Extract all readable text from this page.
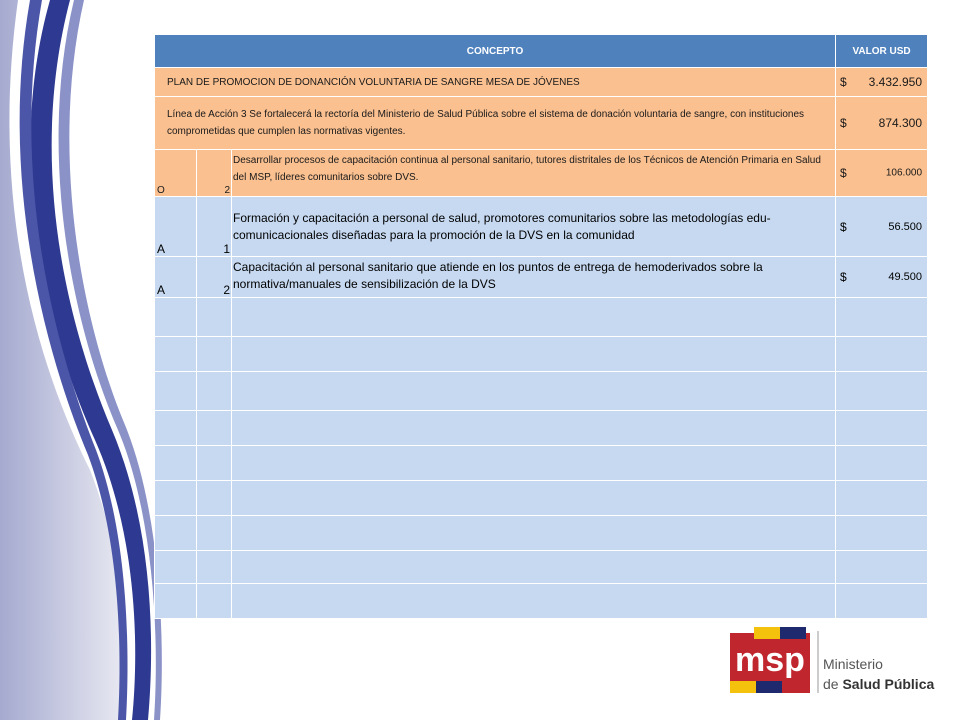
CONCEPTO			VALOR USD
PLAN DE PROMOCION DE DONANCIÓN VOLUNTARIA DE SANGRE MESA DE JÓVENES			$ 3.432.950

Línea de Acción 3 Se fortalecerá la rectoría del Ministerio de Salud Pública sobre el sistema de donación voluntaria de sangre, con instituciones comprometidas que cumplen las normativas vigentes.			$ 874.300

O	2	Desarrollar procesos de capacitación continua al personal sanitario, tutores distritales de los Técnicos de Atención Primaria en Salud del MSP, líderes comunitarios sobre DVS.	$ 106.000

A	1	Formación y capacitación a personal de salud, promotores comunitarios sobre las metodologías edu-comunicacionales diseñadas para la promoción de la DVS en la comunidad	$ 56.500

A	2	Capacitación al personal sanitario que atiende en los puntos de entrega de hemoderivados sobre la normativa/manuales de sensibilización de la DVS	$ 49.500

msp Ministerio
de Salud Pública
